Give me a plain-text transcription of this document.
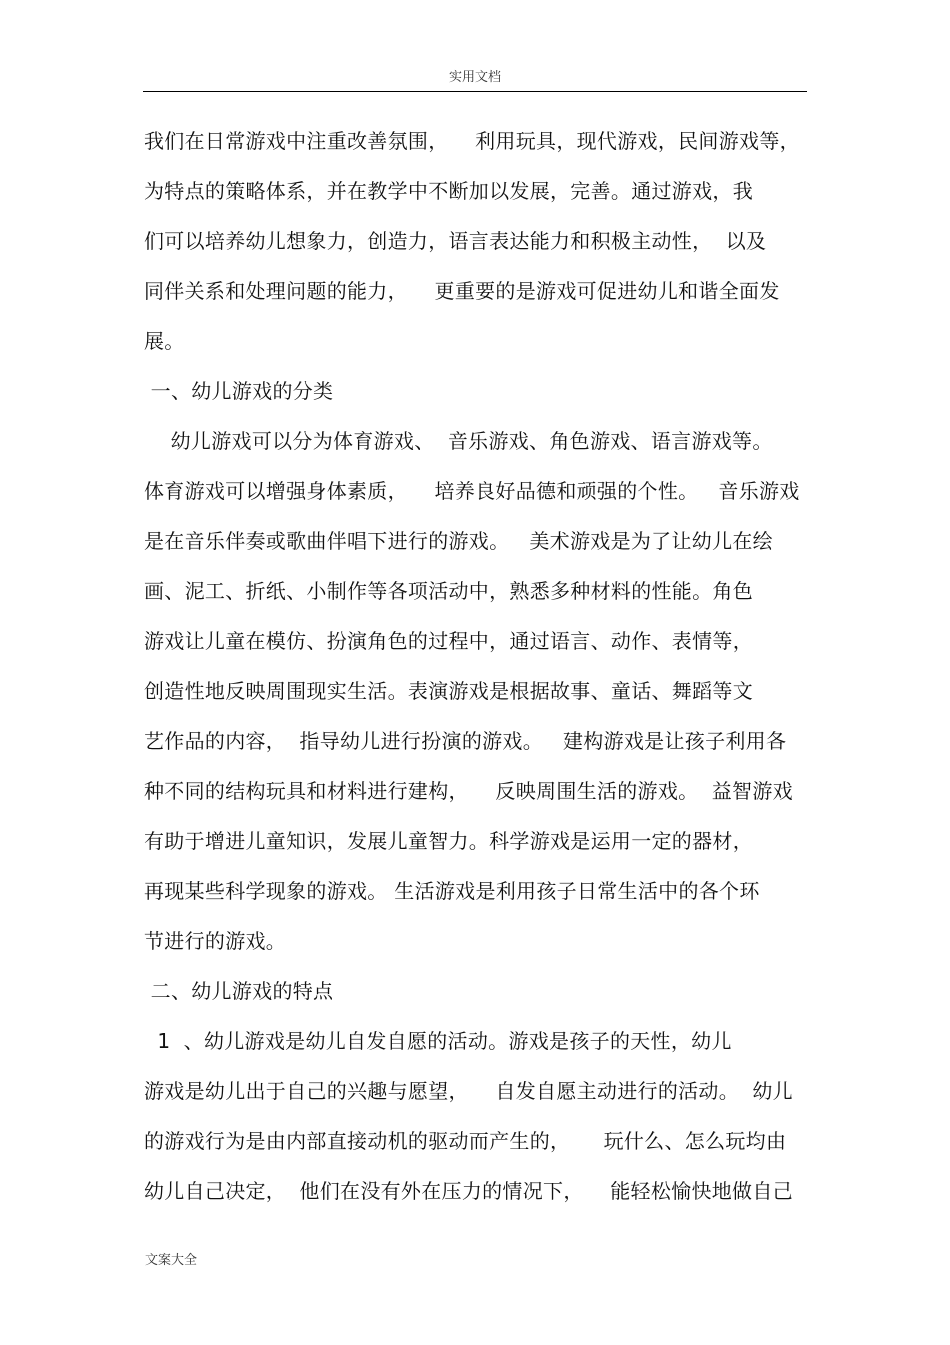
实用文档
我们在日常游戏中注重改善氛围，    利用玩具，现代游戏，民间游戏等，
为特点的策略体系，并在教学中不断加以发展，完善。通过游戏，我
们可以培养幼儿想象力，创造力，语言表达能力和积极主动性，  以及
同伴关系和处理问题的能力，    更重要的是游戏可促进幼儿和谐全面发
展。
一、幼儿游戏的分类
幼儿游戏可以分为体育游戏、  音乐游戏、角色游戏、语言游戏等。
体育游戏可以增强身体素质，    培养良好品德和顽强的个性。   音乐游戏
是在音乐伴奏或歌曲伴唱下进行的游戏。   美术游戏是为了让幼儿在绘
画、泥工、折纸、小制作等各项活动中，熟悉多种材料的性能。角色
游戏让儿童在模仿、扮演角色的过程中，通过语言、动作、表情等，
创造性地反映周围现实生活。表演游戏是根据故事、童话、舞蹈等文
艺作品的内容，  指导幼儿进行扮演的游戏。   建构游戏是让孩子利用各
种不同的结构玩具和材料进行建构，    反映周围生活的游戏。  益智游戏
有助于增进儿童知识，发展儿童智力。科学游戏是运用一定的器材，
再现某些科学现象的游戏。 生活游戏是利用孩子日常生活中的各个环
节进行的游戏。
二、幼儿游戏的特点
1  、幼儿游戏是幼儿自发自愿的活动。游戏是孩子的天性，幼儿
游戏是幼儿出于自己的兴趣与愿望，    自发自愿主动进行的活动。  幼儿
的游戏行为是由内部直接动机的驱动而产生的，     玩什么、怎么玩均由
幼儿自己决定，  他们在没有外在压力的情况下，    能轻松愉快地做自己
文案大全
